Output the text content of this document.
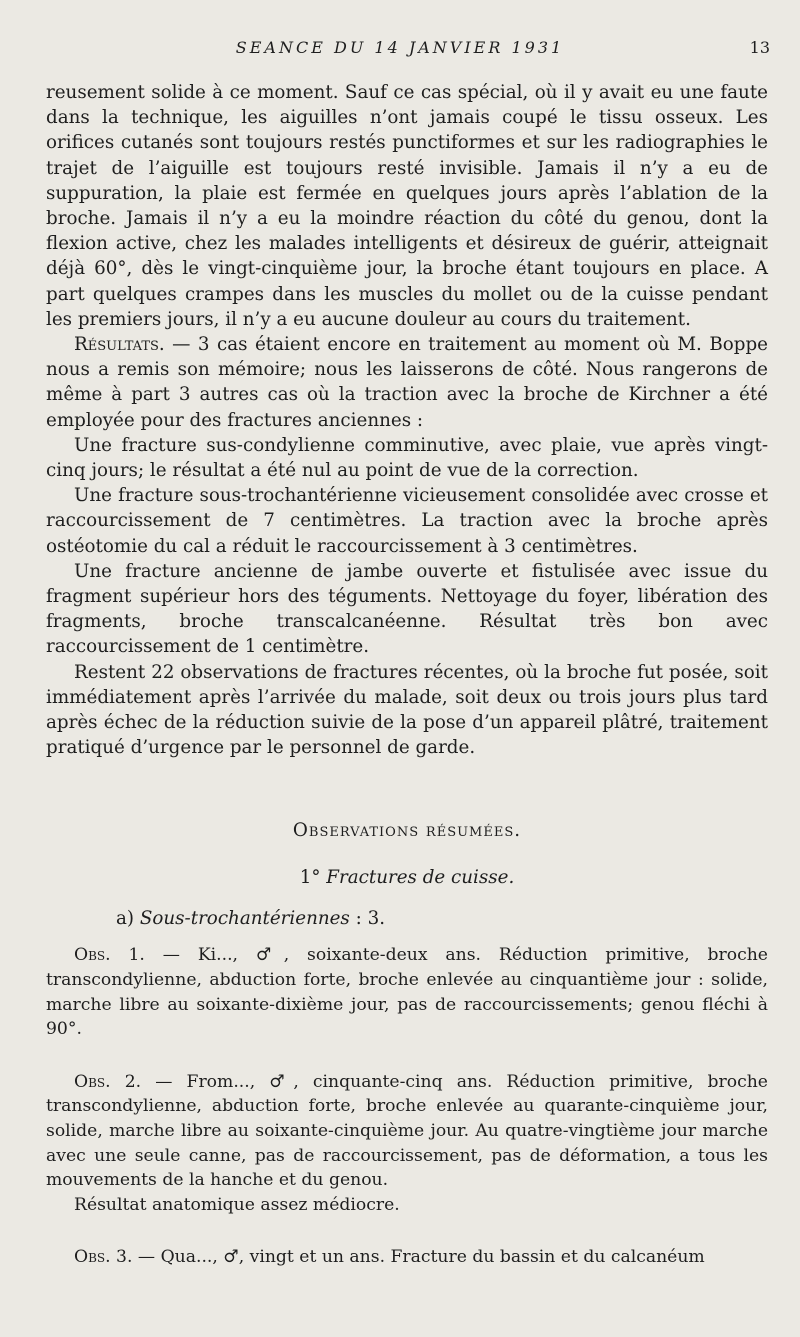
SEANCE DU 14 JANVIER 1931	13

reusement solide à ce moment. Sauf ce cas spécial, où il y avait eu une faute dans la technique, les aiguilles n’ont jamais coupé le tissu osseux. Les orifices cutanés sont toujours restés punctiformes et sur les radiographies le trajet de l’aiguille est toujours resté invisible. Jamais il n’y a eu de suppuration, la plaie est fermée en quelques jours après l’ablation de la broche. Jamais il n’y a eu la moindre réaction du côté du genou, dont la flexion active, chez les malades intelligents et désireux de guérir, atteignait déjà 60°, dès le vingt-cinquième jour, la broche étant toujours en place. A part quelques crampes dans les muscles du mollet ou de la cuisse pendant les premiers jours, il n’y a eu aucune douleur au cours du traitement.

Résultats. — 3 cas étaient encore en traitement au moment où M. Boppe nous a remis son mémoire; nous les laisserons de côté. Nous rangerons de même à part 3 autres cas où la traction avec la broche de Kirchner a été employée pour des fractures anciennes :

Une fracture sus-condylienne comminutive, avec plaie, vue après vingt-cinq jours; le résultat a été nul au point de vue de la correction.

Une fracture sous-trochantérienne vicieusement consolidée avec crosse et raccourcissement de 7 centimètres. La traction avec la broche après ostéotomie du cal a réduit le raccourcissement à 3 centimètres.

Une fracture ancienne de jambe ouverte et fistulisée avec issue du fragment supérieur hors des téguments. Nettoyage du foyer, libération des fragments, broche transcalcanéenne. Résultat très bon avec raccourcissement de 1 centimètre.

Restent 22 observations de fractures récentes, où la broche fut posée, soit immédiatement après l’arrivée du malade, soit deux ou trois jours plus tard après échec de la réduction suivie de la pose d’un appareil plâtré, traitement pratiqué d’urgence par le personnel de garde.

Observations résumées.
1° Fractures de cuisse.
a) Sous-trochantériennes : 3.

Obs. 1. — Ki..., ♂, soixante-deux ans. Réduction primitive, broche transcondylienne, abduction forte, broche enlevée au cinquantième jour : solide, marche libre au soixante-dixième jour, pas de raccourcissements; genou fléchi à 90°.

Obs. 2. — From..., ♂, cinquante-cinq ans. Réduction primitive, broche transcondylienne, abduction forte, broche enlevée au quarante-cinquième jour, solide, marche libre au soixante-cinquième jour. Au quatre-vingtième jour marche avec une seule canne, pas de raccourcissement, pas de déformation, a tous les mouvements de la hanche et du genou.

Résultat anatomique assez médiocre.

Obs. 3. — Qua..., ♂, vingt et un ans. Fracture du bassin et du calcanéum
